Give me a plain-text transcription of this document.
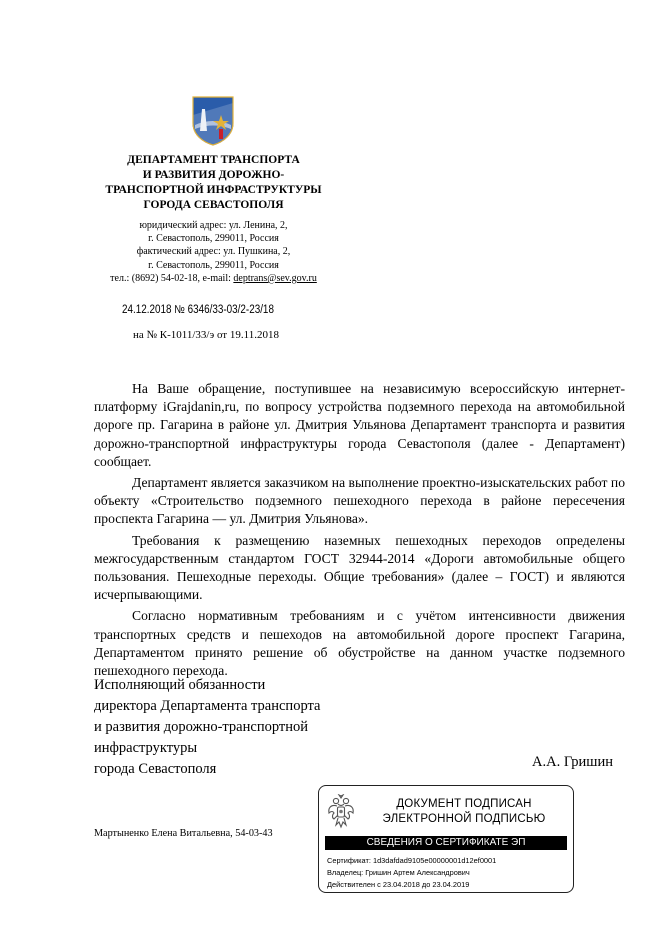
ДЕПАРТАМЕНТ ТРАНСПОРТА
И РАЗВИТИЯ ДОРОЖНО-
ТРАНСПОРТНОЙ ИНФРАСТРУКТУРЫ
ГОРОДА СЕВАСТОПОЛЯ
юридический адрес: ул. Ленина, 2,
г. Севастополь, 299011, Россия
фактический адрес: ул. Пушкина, 2,
г. Севастополь, 299011, Россия
тел.: (8692) 54-02-18, e-mail: deptrans@sev.gov.ru
24.12.2018 № 6346/33-03/2-23/18
на № К-1011/33/э от 19.11.2018

На Ваше обращение, поступившее на независимую всероссийскую интернет-платформу iGrajdanin,ru, по вопросу устройства подземного перехода на автомобильной дороге пр. Гагарина в районе ул. Дмитрия Ульянова Департамент транспорта и развития дорожно-транспортной инфраструктуры города Севастополя (далее - Департамент) сообщает.

Департамент является заказчиком на выполнение проектно-изыскательских работ по объекту «Строительство подземного пешеходного перехода в районе пересечения проспекта Гагарина — ул. Дмитрия Ульянова».

Требования к размещению наземных пешеходных переходов определены межгосударственным стандартом ГОСТ 32944-2014 «Дороги автомобильные общего пользования. Пешеходные переходы. Общие требования» (далее – ГОСТ) и являются исчерпывающими.

Согласно нормативным требованиям и с учётом интенсивности движения транспортных средств и пешеходов на автомобильной дороге проспект Гагарина, Департаментом принято решение об обустройстве на данном участке подземного пешеходного перехода.

Исполняющий обязанности
директора Департамента транспорта
и развития дорожно-транспортной
инфраструктуры
города Севастополя	А.А. Гришин
Мартыненко Елена Витальевна, 54-03-43
ДОКУМЕНТ ПОДПИСАН
ЭЛЕКТРОННОЙ ПОДПИСЬЮ
СВЕДЕНИЯ О СЕРТИФИКАТЕ ЭП
Сертификат: 1d3dafdad9105e00000001d12ef0001
Владелец: Гришин Артем Александрович
Действителен с 23.04.2018 до 23.04.2019
